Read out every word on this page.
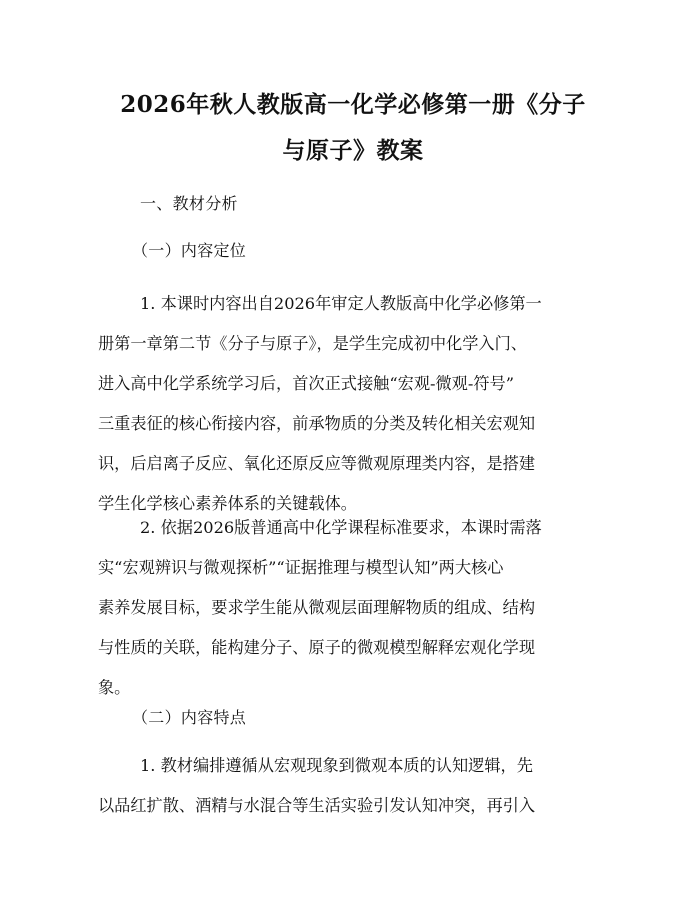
2026年秋人教版高一化学必修第一册《分子
与原子》教案
一、教材分析
（一）内容定位
1. 本课时内容出自2026年审定人教版高中化学必修第一
册第一章第二节《分子与原子》，是学生完成初中化学入门、
进入高中化学系统学习后，首次正式接触“宏观-微观-符号”
三重表征的核心衔接内容，前承物质的分类及转化相关宏观知
识，后启离子反应、氧化还原反应等微观原理类内容，是搭建
学生化学核心素养体系的关键载体。
2. 依据2026版普通高中化学课程标准要求，本课时需落
实“宏观辨识与微观探析”“证据推理与模型认知”两大核心
素养发展目标，要求学生能从微观层面理解物质的组成、结构
与性质的关联，能构建分子、原子的微观模型解释宏观化学现
象。
（二）内容特点
1. 教材编排遵循从宏观现象到微观本质的认知逻辑，先
以品红扩散、酒精与水混合等生活实验引发认知冲突，再引入
